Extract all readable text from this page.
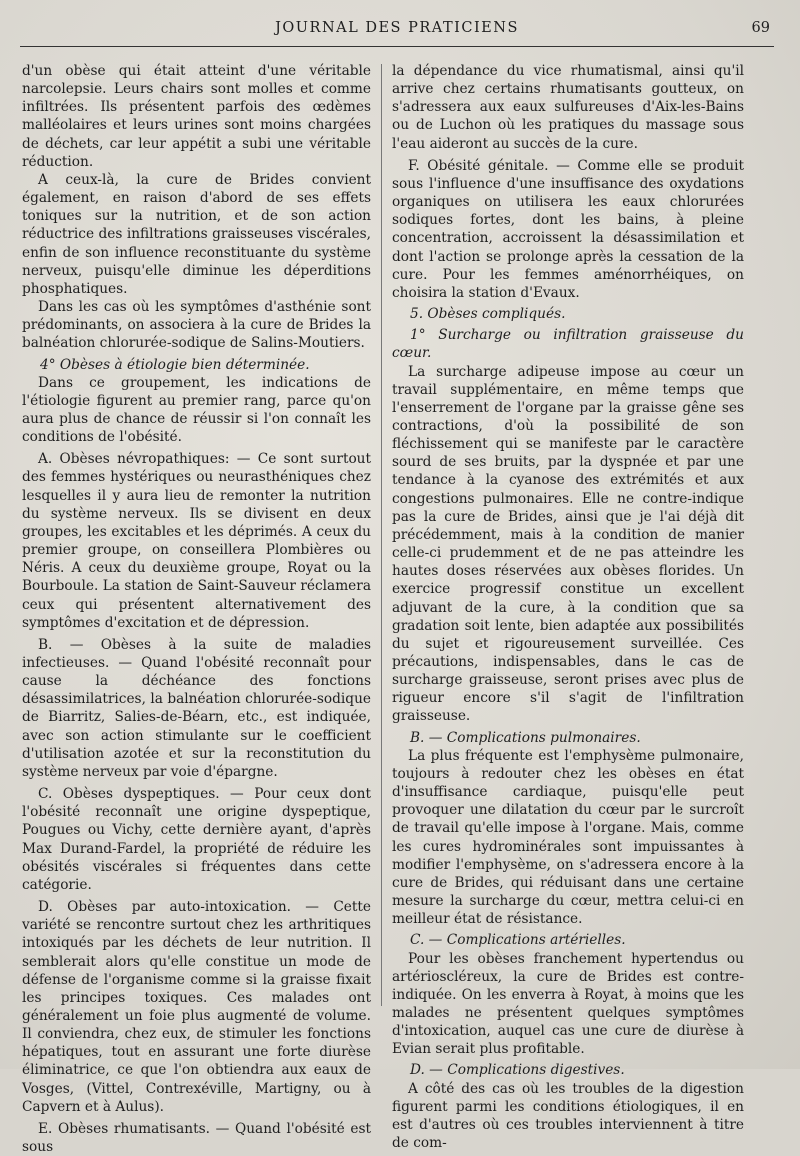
JOURNAL DES PRATICIENS	69

d'un obèse qui était atteint d'une véritable narcolepsie. Leurs chairs sont molles et comme infiltrées. Ils présentent parfois des œdèmes malléolaires et leurs urines sont moins chargées de déchets, car leur appétit a subi une véritable réduction.

A ceux-là, la cure de Brides convient également, en raison d'abord de ses effets toniques sur la nutrition, et de son action réductrice des infiltrations graisseuses viscérales, enfin de son influence reconstituante du système nerveux, puisqu'elle diminue les déperditions phosphatiques.

Dans les cas où les symptômes d'asthénie sont prédominants, on associera à la cure de Brides la balnéation chlorurée-sodique de Salins-Moutiers.

4° Obèses à étiologie bien déterminée.

Dans ce groupement, les indications de l'étiologie figurent au premier rang, parce qu'on aura plus de chance de réussir si l'on connaît les conditions de l'obésité.

A. Obèses névropathiques: — Ce sont surtout des femmes hystériques ou neurasthéniques chez lesquelles il y aura lieu de remonter la nutrition du système nerveux. Ils se divisent en deux groupes, les excitables et les déprimés. A ceux du premier groupe, on conseillera Plombières ou Néris. A ceux du deuxième groupe, Royat ou la Bourboule. La station de Saint-Sauveur réclamera ceux qui présentent alternativement des symptômes d'excitation et de dépression.

B. — Obèses à la suite de maladies infectieuses. — Quand l'obésité reconnaît pour cause la déchéance des fonctions désassimilatrices, la balnéation chlorurée-sodique de Biarritz, Salies-de-Béarn, etc., est indiquée, avec son action stimulante sur le coefficient d'utilisation azotée et sur la reconstitution du système nerveux par voie d'épargne.

C. Obèses dyspeptiques. — Pour ceux dont l'obésité reconnaît une origine dyspeptique, Pougues ou Vichy, cette dernière ayant, d'après Max Durand-Fardel, la propriété de réduire les obésités viscérales si fréquentes dans cette catégorie.

D. Obèses par auto-intoxication. — Cette variété se rencontre surtout chez les arthritiques intoxiqués par les déchets de leur nutrition. Il semblerait alors qu'elle constitue un mode de défense de l'organisme comme si la graisse fixait les principes toxiques. Ces malades ont généralement un foie plus augmenté de volume. Il conviendra, chez eux, de stimuler les fonctions hépatiques, tout en assurant une forte diurèse éliminatrice, ce que l'on obtiendra aux eaux de Vosges, (Vittel, Contrexéville, Martigny, ou à Capvern et à Aulus).

E. Obèses rhumatisants. — Quand l'obésité est sous

la dépendance du vice rhumatismal, ainsi qu'il arrive chez certains rhumatisants goutteux, on s'adressera aux eaux sulfureuses d'Aix-les-Bains ou de Luchon où les pratiques du massage sous l'eau aideront au succès de la cure.

F. Obésité génitale. — Comme elle se produit sous l'influence d'une insuffisance des oxydations organiques on utilisera les eaux chlorurées sodiques fortes, dont les bains, à pleine concentration, accroissent la désassimilation et dont l'action se prolonge après la cessation de la cure. Pour les femmes aménorrhéiques, on choisira la station d'Evaux.

5. Obèses compliqués.

1° Surcharge ou infiltration graisseuse du cœur.

La surcharge adipeuse impose au cœur un travail supplémentaire, en même temps que l'enserrement de l'organe par la graisse gêne ses contractions, d'où la possibilité de son fléchissement qui se manifeste par le caractère sourd de ses bruits, par la dyspnée et par une tendance à la cyanose des extrémités et aux congestions pulmonaires. Elle ne contre-indique pas la cure de Brides, ainsi que je l'ai déjà dit précédemment, mais à la condition de manier celle-ci prudemment et de ne pas atteindre les hautes doses réservées aux obèses florides. Un exercice progressif constitue un excellent adjuvant de la cure, à la condition que sa gradation soit lente, bien adaptée aux possibilités du sujet et rigoureusement surveillée. Ces précautions, indispensables, dans le cas de surcharge graisseuse, seront prises avec plus de rigueur encore s'il s'agit de l'infiltration graisseuse.

B. — Complications pulmonaires.

La plus fréquente est l'emphysème pulmonaire, toujours à redouter chez les obèses en état d'insuffisance cardiaque, puisqu'elle peut provoquer une dilatation du cœur par le surcroît de travail qu'elle impose à l'organe. Mais, comme les cures hydrominérales sont impuissantes à modifier l'emphysème, on s'adressera encore à la cure de Brides, qui réduisant dans une certaine mesure la surcharge du cœur, mettra celui-ci en meilleur état de résistance.

C. — Complications artérielles.

Pour les obèses franchement hypertendus ou artérioscléreux, la cure de Brides est contre-indiquée. On les enverra à Royat, à moins que les malades ne présentent quelques symptômes d'intoxication, auquel cas une cure de diurèse à Evian serait plus profitable.

D. — Complications digestives.

A côté des cas où les troubles de la digestion figurent parmi les conditions étiologiques, il en est d'autres où ces troubles interviennent à titre de com-
